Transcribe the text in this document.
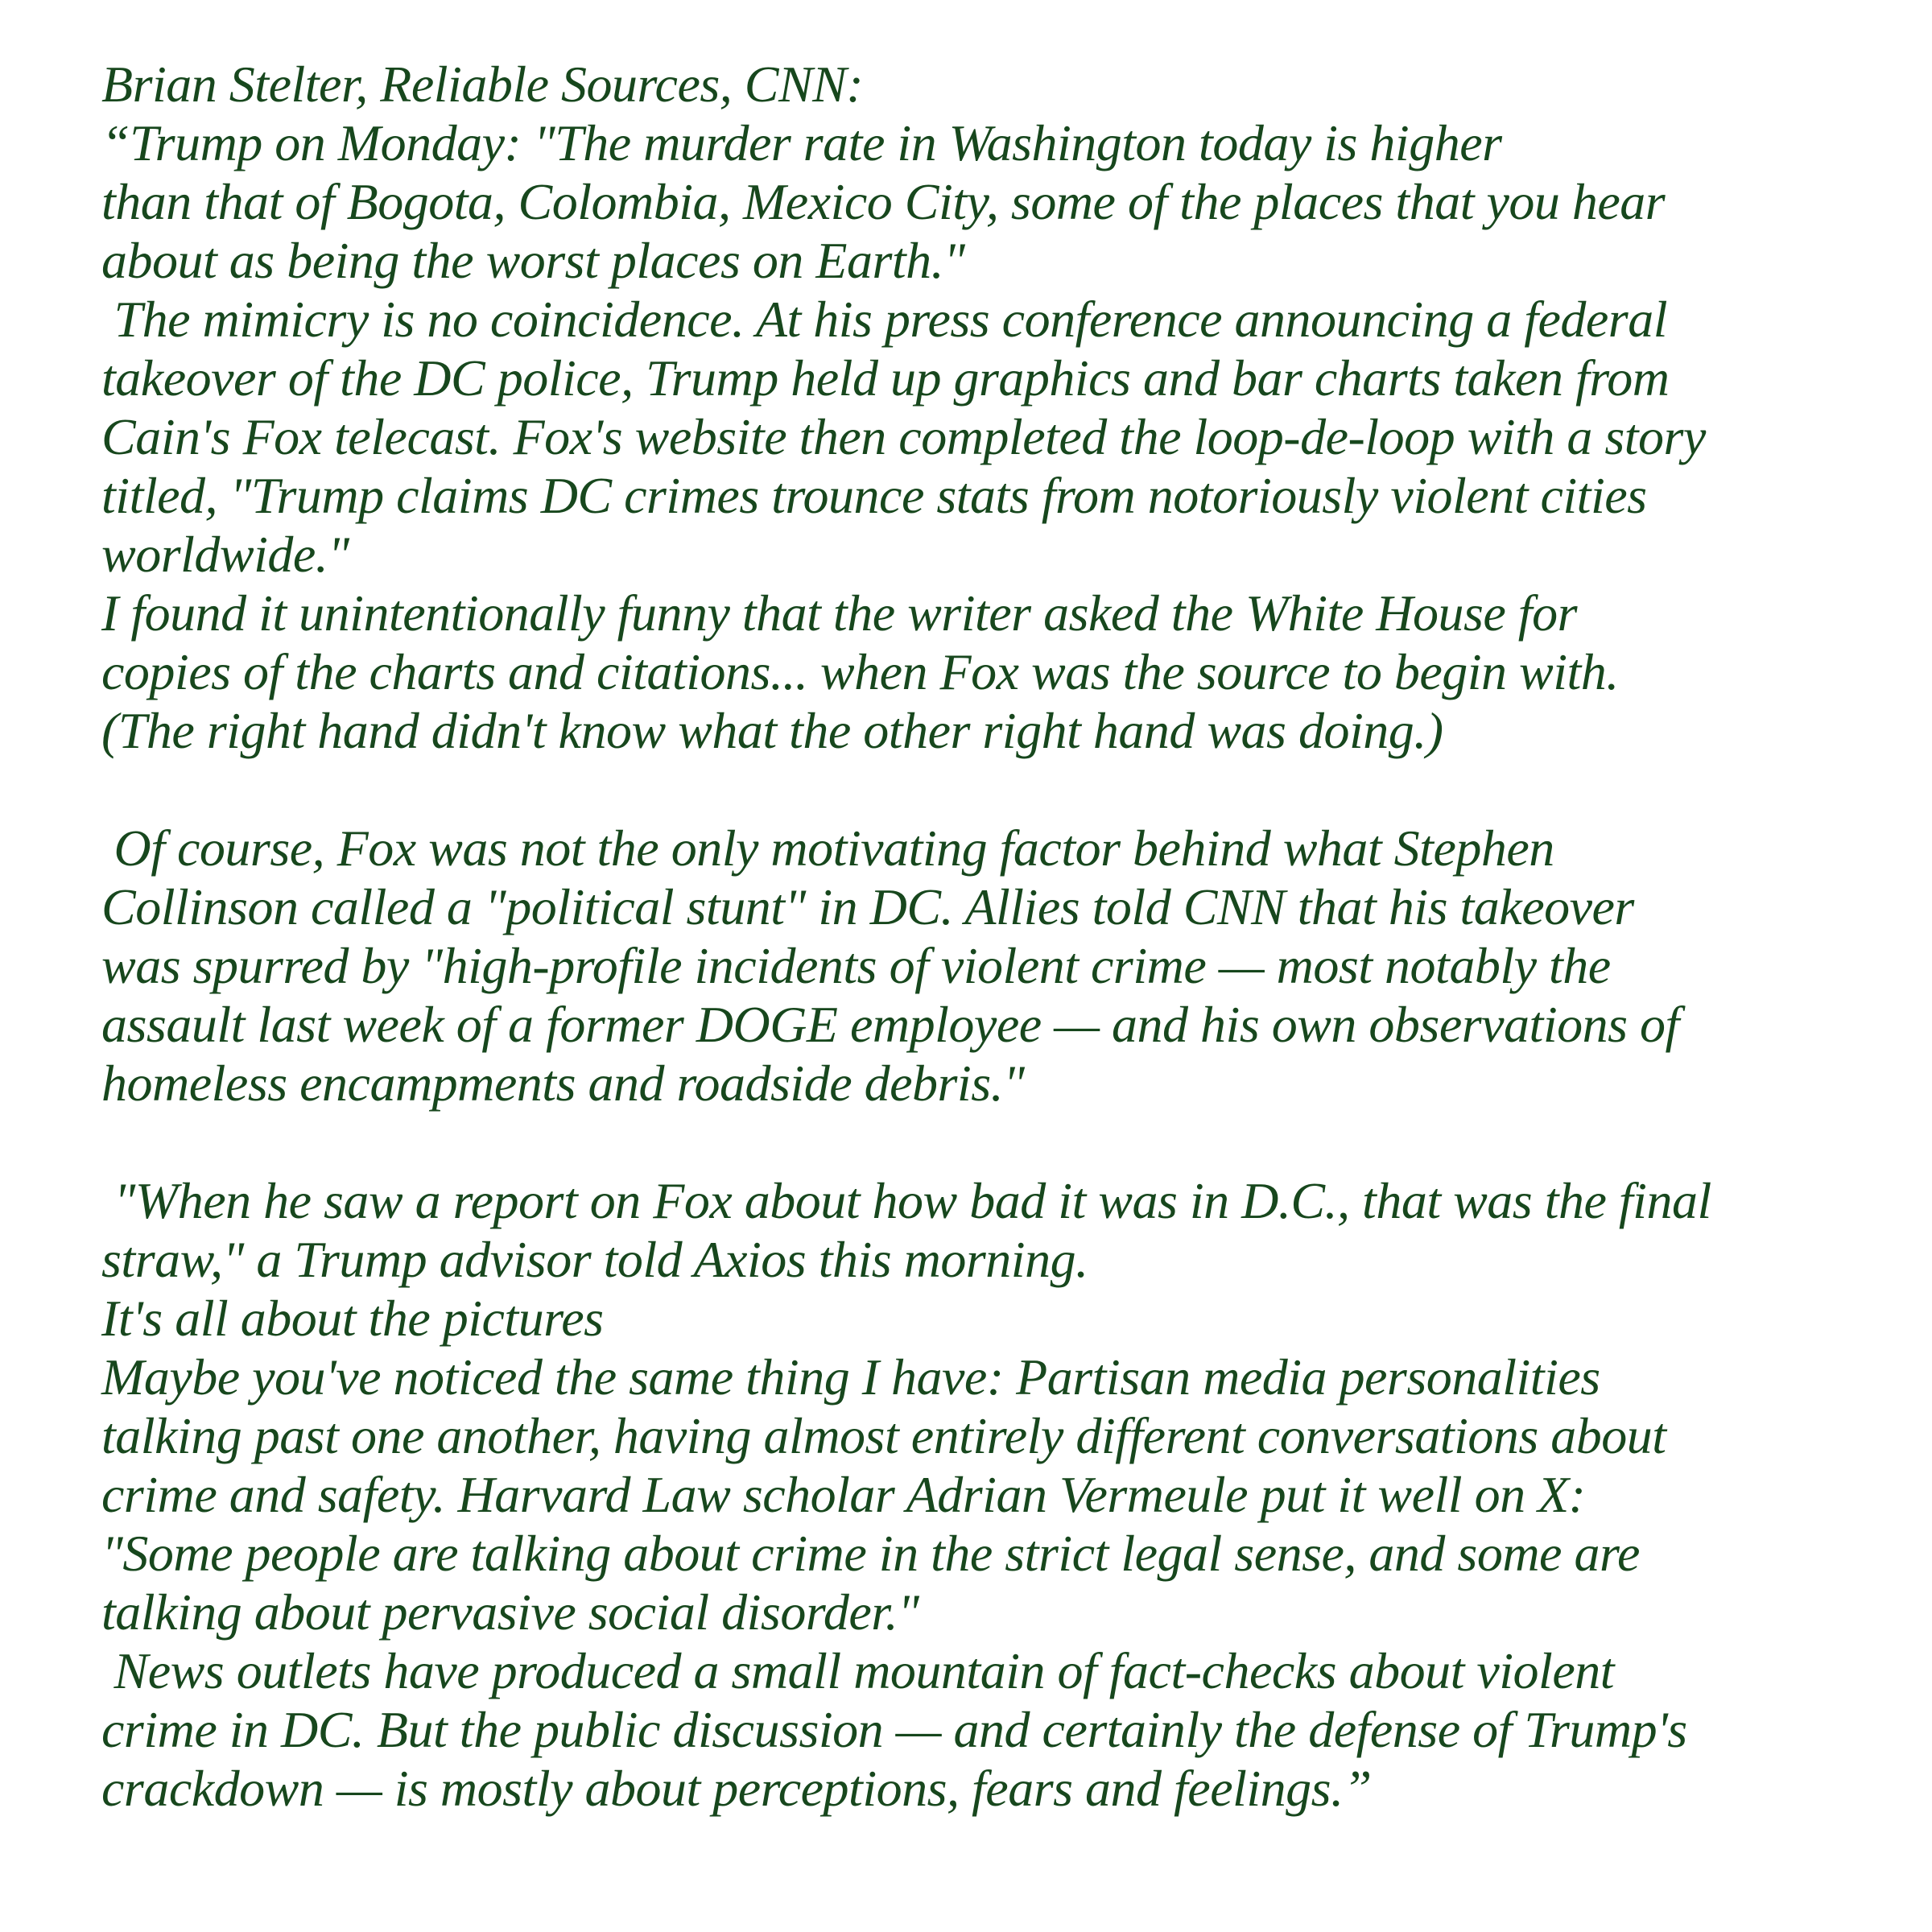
Brian Stelter, Reliable Sources, CNN:
“Trump on Monday: "The murder rate in Washington today is higher
than that of Bogota, Colombia, Mexico City, some of the places that you hear
about as being the worst places on Earth."
The mimicry is no coincidence. At his press conference announcing a federal
takeover of the DC police, Trump held up graphics and bar charts taken from
Cain's Fox telecast. Fox's website then completed the loop-de-loop with a story
titled, "Trump claims DC crimes trounce stats from notoriously violent cities
worldwide."
I found it unintentionally funny that the writer asked the White House for
copies of the charts and citations... when Fox was the source to begin with.
(The right hand didn't know what the other right hand was doing.)
Of course, Fox was not the only motivating factor behind what Stephen
Collinson called a "political stunt" in DC. Allies told CNN that his takeover
was spurred by "high-profile incidents of violent crime — most notably the
assault last week of a former DOGE employee — and his own observations of
homeless encampments and roadside debris."
"When he saw a report on Fox about how bad it was in D.C., that was the final
straw," a Trump advisor told Axios this morning.
It's all about the pictures
Maybe you've noticed the same thing I have: Partisan media personalities
talking past one another, having almost entirely different conversations about
crime and safety. Harvard Law scholar Adrian Vermeule put it well on X:
"Some people are talking about crime in the strict legal sense, and some are
talking about pervasive social disorder."
News outlets have produced a small mountain of fact-checks about violent
crime in DC. But the public discussion — and certainly the defense of Trump's
crackdown — is mostly about perceptions, fears and feelings.”
